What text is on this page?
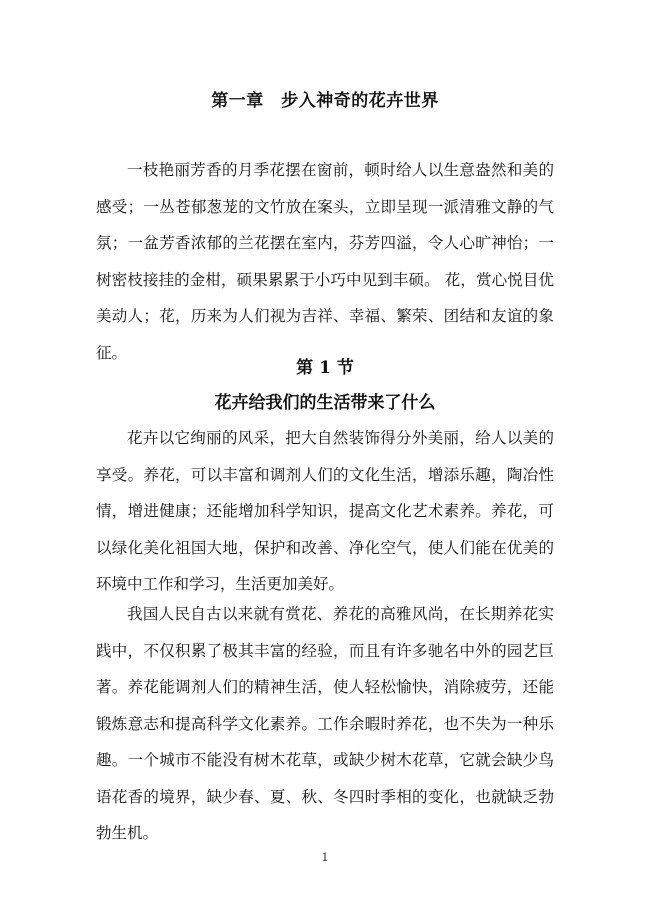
第一章　步入神奇的花卉世界

一枝艳丽芳香的月季花摆在窗前，顿时给人以生意盎然和美的感受；一丛苍郁葱茏的文竹放在案头，立即呈现一派清雅文静的气氛；一盆芳香浓郁的兰花摆在室内，芬芳四溢，令人心旷神怡；一树密枝接挂的金柑，硕果累累于小巧中见到丰硕。 花，赏心悦目优美动人；花，历来为人们视为吉祥、幸福、繁荣、团结和友谊的象征。

第 1 节
花卉给我们的生活带来了什么

花卉以它绚丽的风采，把大自然装饰得分外美丽，给人以美的享受。养花，可以丰富和调剂人们的文化生活，增添乐趣，陶冶性情，增进健康；还能增加科学知识，提高文化艺术素养。养花，可以绿化美化祖国大地，保护和改善、净化空气，使人们能在优美的环境中工作和学习，生活更加美好。

我国人民自古以来就有赏花、养花的高雅风尚，在长期养花实践中，不仅积累了极其丰富的经验，而且有许多驰名中外的园艺巨著。养花能调剂人们的精神生活，使人轻松愉快，消除疲劳，还能锻炼意志和提高科学文化素养。工作余暇时养花，也不失为一种乐趣。一个城市不能没有树木花草，或缺少树木花草，它就会缺少鸟语花香的境界，缺少春、夏、秋、冬四时季相的变化，也就缺乏勃勃生机。

1
